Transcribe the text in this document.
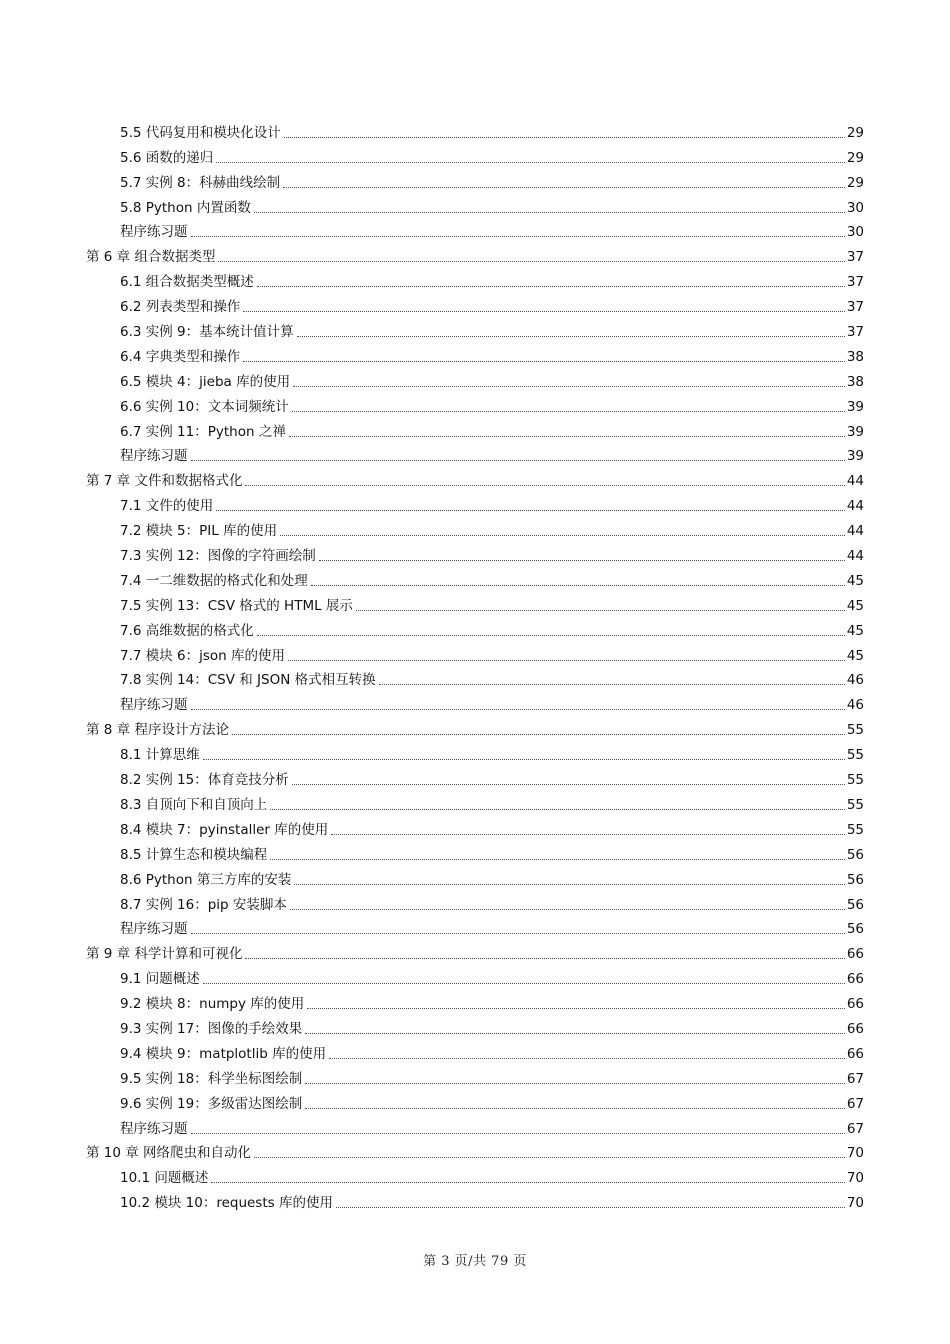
5.5 代码复用和模块化设计	29
5.6 函数的递归	29
5.7 实例 8：科赫曲线绘制	29
5.8 Python 内置函数	30
程序练习题	30
第 6 章 组合数据类型	37
6.1 组合数据类型概述	37
6.2 列表类型和操作	37
6.3 实例 9：基本统计值计算	37
6.4 字典类型和操作	38
6.5 模块 4：jieba 库的使用	38
6.6 实例 10：文本词频统计	39
6.7 实例 11：Python 之禅	39
程序练习题	39
第 7 章 文件和数据格式化	44
7.1 文件的使用	44
7.2 模块 5：PIL 库的使用	44
7.3 实例 12：图像的字符画绘制	44
7.4 一二维数据的格式化和处理	45
7.5 实例 13：CSV 格式的 HTML 展示	45
7.6 高维数据的格式化	45
7.7 模块 6：json 库的使用	45
7.8 实例 14：CSV 和 JSON 格式相互转换	46
程序练习题	46
第 8 章 程序设计方法论	55
8.1 计算思维	55
8.2 实例 15：体育竞技分析	55
8.3 自顶向下和自顶向上	55
8.4 模块 7：pyinstaller 库的使用	55
8.5 计算生态和模块编程	56
8.6 Python 第三方库的安装	56
8.7 实例 16：pip 安装脚本	56
程序练习题	56
第 9 章 科学计算和可视化	66
9.1 问题概述	66
9.2 模块 8：numpy 库的使用	66
9.3 实例 17：图像的手绘效果	66
9.4 模块 9：matplotlib 库的使用	66
9.5 实例 18：科学坐标图绘制	67
9.6 实例 19：多级雷达图绘制	67
程序练习题	67
第 10 章 网络爬虫和自动化	70
10.1 问题概述	70
10.2 模块 10：requests 库的使用	70
第 3 页/共 79 页
